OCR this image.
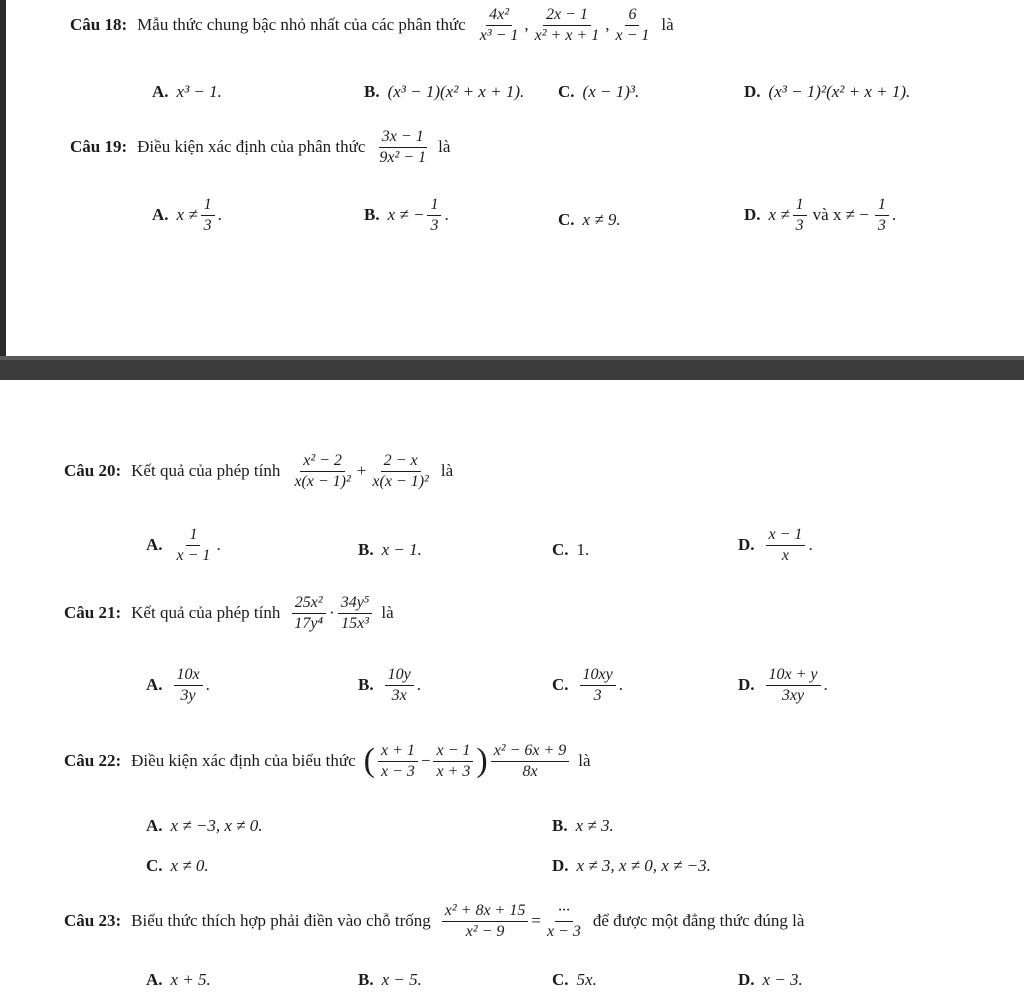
Câu 18: Mẫu thức chung bậc nhỏ nhất của các phân thức $\frac{\text{4x²}}{\text{x³ − 1}}$ , $\frac{2x - 1}{\text{x² + x + 1}}$ , $\frac{6}{x - 1}$ là
A. x³ − 1.	B. (x³ − 1)(x² + x + 1). C. (x − 1)³.	D. (x³ − 1)²(x² + x + 1).
Câu 19: Điều kiện xác định của phân thức $\frac{3x - 1}{\text{9x² − 1}}$ là
A. $x \ne \frac{1}{3}$ .	B. x ≠ − $\frac{1}{3}$ .	C. x ≠ 9.	D. $x \ne \frac{1}{3}$ và x ≠ − $\frac{1}{3}$ .
Câu 20: Kết quả của phép tính $\frac{\text{x² − 2}}{\text{x(x − 1)²}} + \frac{2 - x}{\text{x(x − 1)²}}$ là
A. $\frac{1}{x - 1}$ .	B. x − 1.	C. 1.	D. $\frac{x - 1}{x}$ .
Câu 21: Kết quả của phép tính $\frac{\text{25x²}}{\text{17y⁴}} \cdot \frac{\text{34y⁵}}{\text{15x³}}$ là
A. $\frac{10x}{3y}$ .	B. $\frac{10y}{3x}$ .	C. $\frac{10xy}{3}$ .	D. $\frac{10x + y}{3xy}$ .
Câu 22: Điều kiện xác định của biểu thức ( $\frac{x + 1}{x - 3} - \frac{x - 1}{x + 3}$ ) $\frac{\text{x² − 6x + 9}}{8x}$ là
A. x ≠ −3, x ≠ 0.	B. x ≠ 3.
C. x ≠ 0.	D. x ≠ 3, x ≠ 0, x ≠ −3.
Câu 23: Biểu thức thích hợp phải điền vào chỗ trống $\frac{\text{x² + 8x + 15}}{\text{x² − 9}} = \frac{\cdot\cdot\cdot}{x - 3}$ để được một đẳng thức đúng là
A. x + 5.	B. x − 5.	C. 5x.	D. x − 3.
